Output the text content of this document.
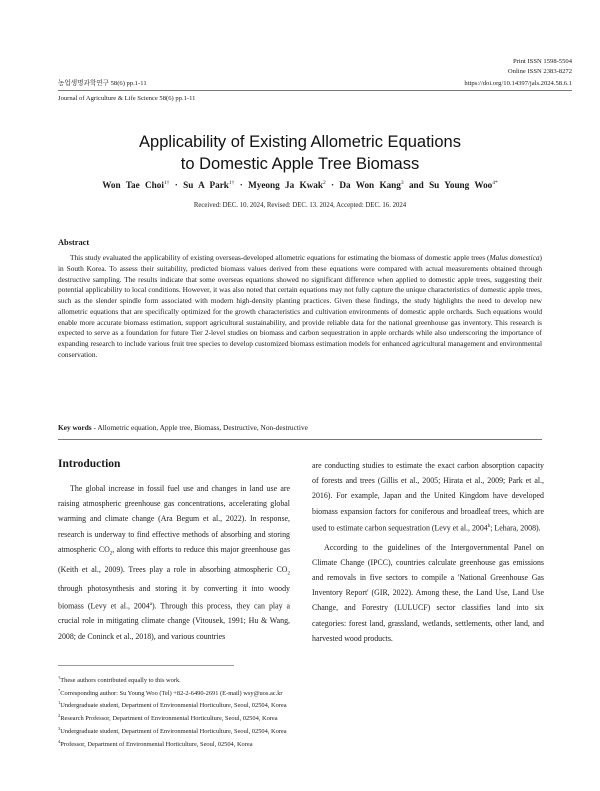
Print ISSN 1598-5504
Online ISSN 2383-8272
농업생명과학연구 58(6) pp.1-11	https://doi.org/10.14397/jals.2024.58.6.1
Journal of Agriculture & Life Science 58(6) pp.1-11
Applicability of Existing Allometric Equations
to Domestic Apple Tree Biomass
Won Tae Choi$^{1\dagger}$ · Su A Park$^{1\dagger}$ · Myeong Ja Kwak$^2$ · Da Won Kang$^3$ and Su Young Woo$^{4*}$
Received: DEC. 10. 2024, Revised: DEC. 13. 2024, Accepted: DEC. 16. 2024
Abstract
This study evaluated the applicability of existing overseas-developed allometric equations for estimating the biomass of domestic apple trees (Malus domestica) in South Korea. To assess their suitability, predicted biomass values derived from these equations were compared with actual measurements obtained through destructive sampling. The results indicate that some overseas equations showed no significant difference when applied to domestic apple trees, suggesting their potential applicability to local conditions. However, it was also noted that certain equations may not fully capture the unique characteristics of domestic apple trees, such as the slender spindle form associated with modern high-density planting practices. Given these findings, the study highlights the need to develop new allometric equations that are specifically optimized for the growth characteristics and cultivation environments of domestic apple orchards. Such equations would enable more accurate biomass estimation, support agricultural sustainability, and provide reliable data for the national greenhouse gas inventory. This research is expected to serve as a foundation for future Tier 2-level studies on biomass and carbon sequestration in apple orchards while also underscoring the importance of expanding research to include various fruit tree species to develop customized biomass estimation models for enhanced agricultural management and environmental conservation.
Key words - Allometric equation, Apple tree, Biomass, Destructive, Non-destructive
Introduction

The global increase in fossil fuel use and changes in land use are raising atmospheric greenhouse gas concentrations, accelerating global warming and climate change (Ara Begum et al., 2022). In response, research is underway to find effective methods of absorbing and storing atmospheric $CO_2$, along with efforts to reduce this major greenhouse gas (Keith et al., 2009). Trees play a role in absorbing atmospheric $CO_2$ through photosynthesis and storing it by converting it into woody biomass (Levy et al., 2004$^a$). Through this process, they can play a crucial role in mitigating climate change (Vitousek, 1991; Hu & Wang, 2008; de Coninck et al., 2018), and various countries

are conducting studies to estimate the exact carbon absorption capacity of forests and trees (Gillis et al., 2005; Hirata et al., 2009; Park et al., 2016). For example, Japan and the United Kingdom have developed biomass expansion factors for coniferous and broadleaf trees, which are used to estimate carbon sequestration (Levy et al., 2004$^b$; Lehara, 2008).

According to the guidelines of the Intergovernmental Panel on Climate Change (IPCC), countries calculate greenhouse gas emissions and removals in five sectors to compile a 'National Greenhouse Gas Inventory Report' (GIR, 2022). Among these, the Land Use, Land Use Change, and Forestry (LULUCF) sector classifies land into six categories: forest land, grassland, wetlands, settlements, other land, and harvested wood products.

†These authors contributed equally to this work.
*Corresponding author: Su Young Woo (Tel) +82-2-6490-2691 (E-mail) wsy@uos.ac.kr
$^1$Undergraduate student, Department of Environmental Horticulture, Seoul, 02504, Korea
$^2$Research Professor, Department of Environmental Horticulture, Seoul, 02504, Korea
$^3$Undergraduate student, Department of Environmental Horticulture, Seoul, 02504, Korea
$^4$Professor, Department of Environmental Horticulture, Seoul, 02504, Korea
